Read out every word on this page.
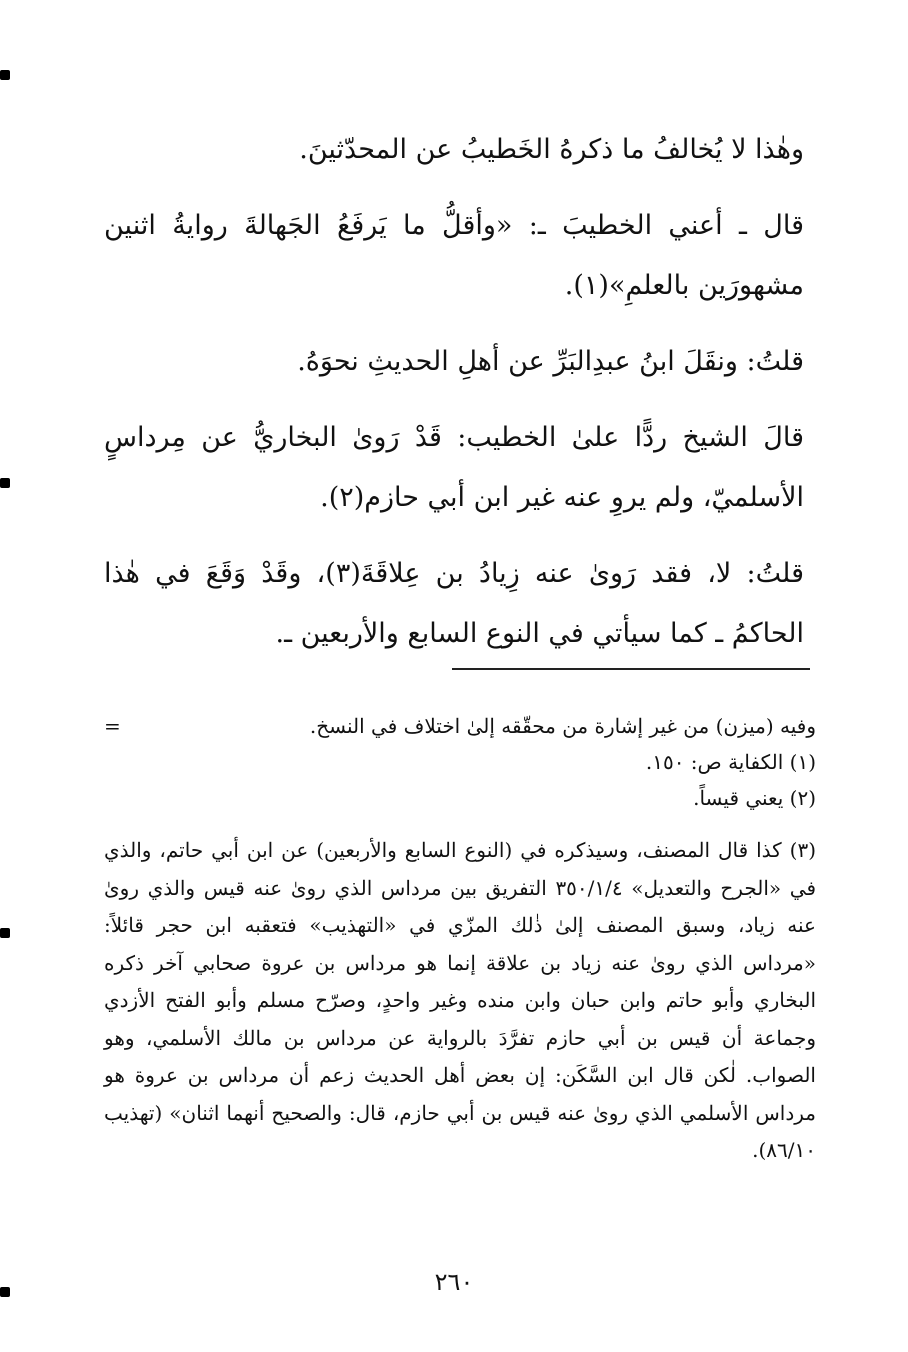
وهٰذا لا يُخالفُ ما ذكرهُ الخَطيبُ عن المحدّثينَ.

قال ـ أعني الخطيبَ ـ: «وأقلُّ ما يَرفَعُ الجَهالةَ روايةُ اثنين مشهورَين بالعلمِ»(١).

قلتُ: ونقَلَ ابنُ عبدِالبَرِّ عن أهلِ الحديثِ نحوَهُ.

قالَ الشيخ ردًّا علىٰ الخطيب: قَدْ رَوىٰ البخاريُّ عن مِرداسٍ الأسلميّ، ولم يروِ عنه غير ابن أبي حازم(٢).

قلتُ: لا، فقد رَوىٰ عنه زِيادُ بن عِلاقَةَ(٣)، وقَدْ وَقَعَ في هٰذا الحاكمُ ـ كما سيأتي في النوع السابع والأربعين ـ.

=	وفيه (ميزن) من غير إشارة من محقّقه إلىٰ اختلاف في النسخ.

(١) الكفاية ص: ١٥٠.

(٢) يعني قيساً.

(٣) كذا قال المصنف، وسيذكره في (النوع السابع والأربعين) عن ابن أبي حاتم، والذي في «الجرح والتعديل» ٣٥٠/١/٤ التفريق بين مرداس الذي روىٰ عنه قيس والذي روىٰ عنه زياد، وسبق المصنف إلىٰ ذٰلك المزّي في «التهذيب» فتعقبه ابن حجر قائلاً: «مرداس الذي روىٰ عنه زياد بن علاقة إنما هو مرداس بن عروة صحابي آخر ذكره البخاري وأبو حاتم وابن حبان وابن منده وغير واحدٍ، وصرّح مسلم وأبو الفتح الأزدي وجماعة أن قيس بن أبي حازم تفرَّدَ بالرواية عن مرداس بن مالك الأسلمي، وهو الصواب. لٰكن قال ابن السَّكَن: إن بعض أهل الحديث زعم أن مرداس بن عروة هو مرداس الأسلمي الذي روىٰ عنه قيس بن أبي حازم، قال: والصحيح أنهما اثنان» (تهذيب ٨٦/١٠).

٢٦٠
